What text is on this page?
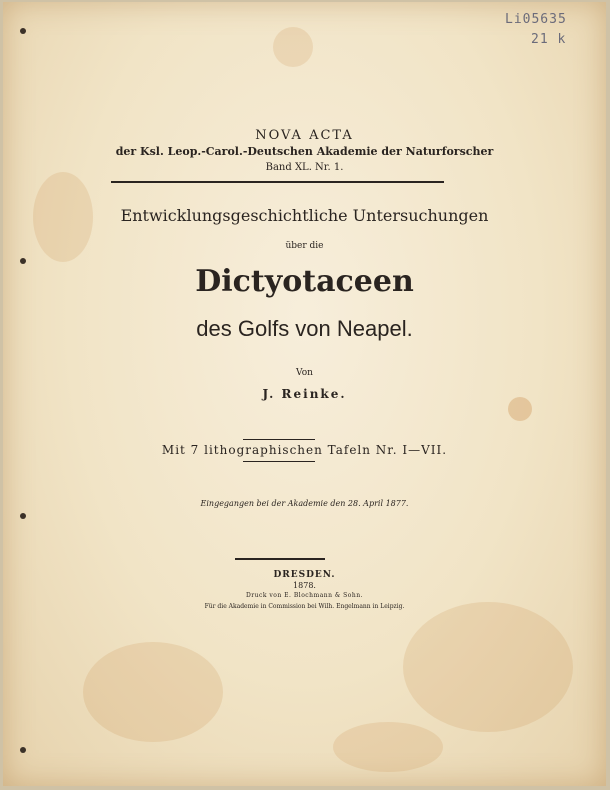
Li05635
21 k
NOVA ACTA
der Ksl. Leop.-Carol.-Deutschen Akademie der Naturforscher
Band XL. Nr. 1.
Entwicklungsgeschichtliche Untersuchungen
über die
Dictyotaceen
des Golfs von Neapel.
Von
J. Reinke.
Mit 7 lithographischen Tafeln Nr. I—VII.
Eingegangen bei der Akademie den 28. April 1877.
DRESDEN.
1878.
Druck von E. Blochmann & Sohn.
Für die Akademie in Commission bei Wilh. Engelmann in Leipzig.
